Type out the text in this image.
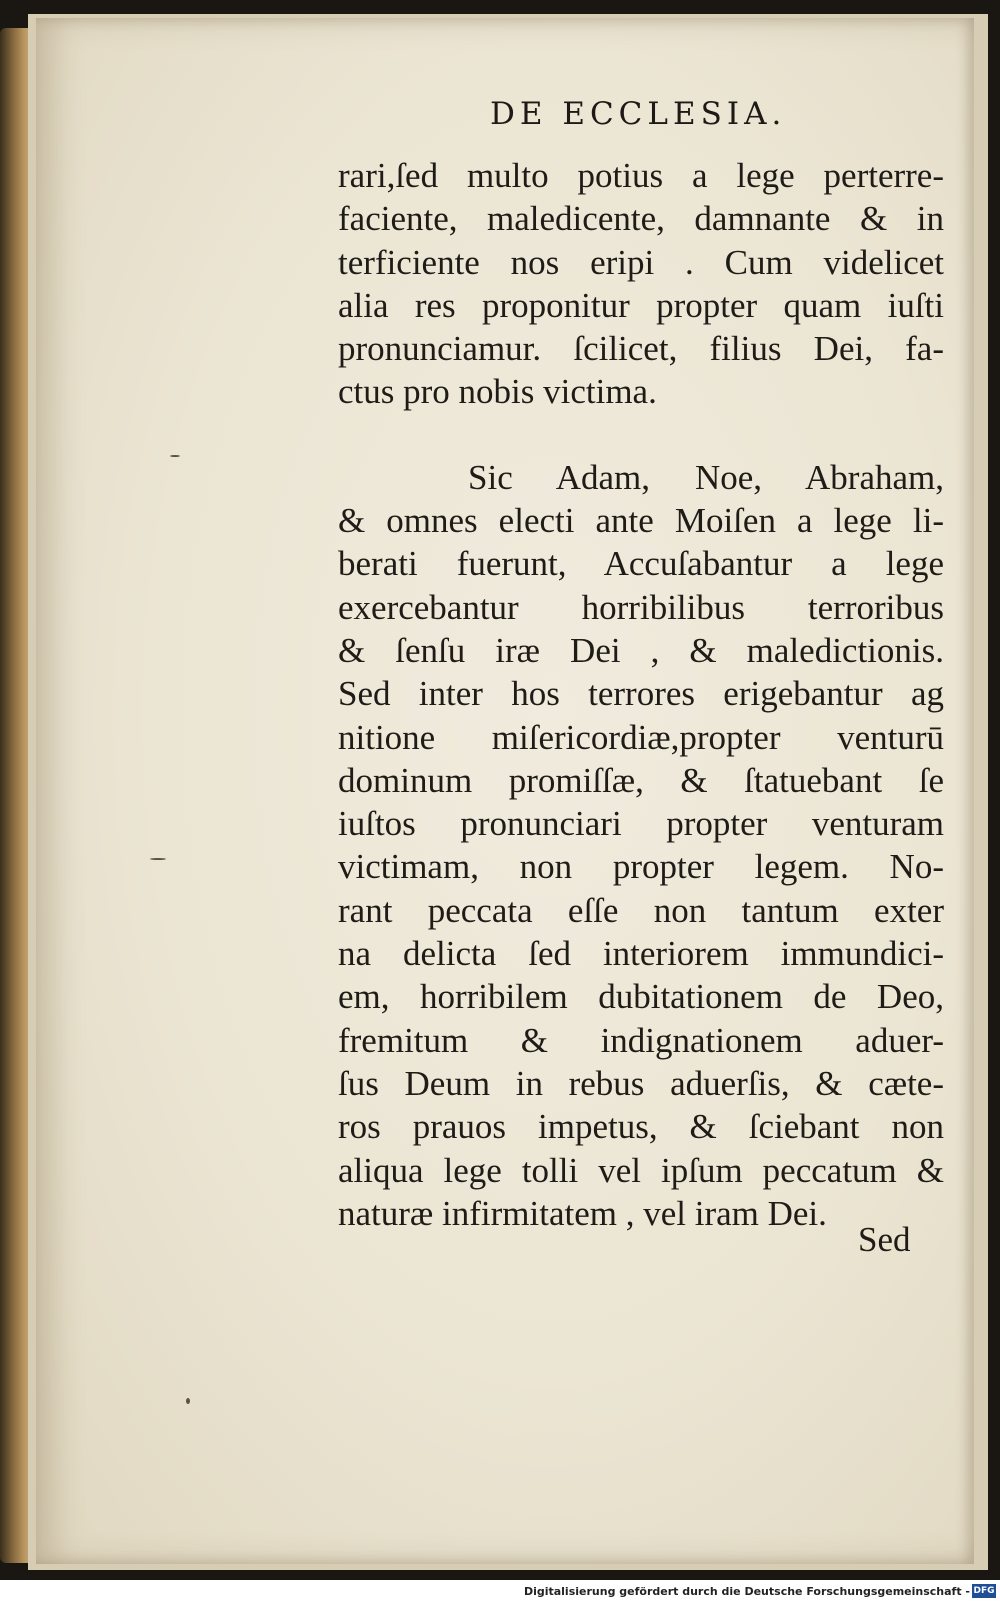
DE ECCLESIA.
rari,ſed multo potius a lege perterre-
faciente, maledicente, damnante & in
terficiente nos eripi . Cum videlicet
alia res proponitur propter quam iuſti
pronunciamur. ſcilicet, filius Dei, fa-
ctus pro nobis victima.
Sic Adam, Noe, Abraham,
& omnes electi ante Moiſen a lege li-
berati fuerunt, Accuſabantur a lege
exercebantur horribilibus terroribus
& ſenſu iræ Dei , & maledictionis.
Sed inter hos terrores erigebantur ag
nitione miſericordiæ,propter venturū
dominum promiſſæ, & ſtatuebant ſe
iuſtos pronunciari propter venturam
victimam, non propter legem. No-
rant peccata eſſe non tantum exter
na delicta ſed interiorem immundici-
em, horribilem dubitationem de Deo,
fremitum & indignationem aduer-
ſus Deum in rebus aduerſis, & cæte-
ros prauos impetus, & ſciebant non
aliqua lege tolli vel ipſum peccatum &
naturæ infirmitatem , vel iram Dei.
Sed
Digitalisierung gefördert durch die Deutsche Forschungsgemeinschaft - DFG
